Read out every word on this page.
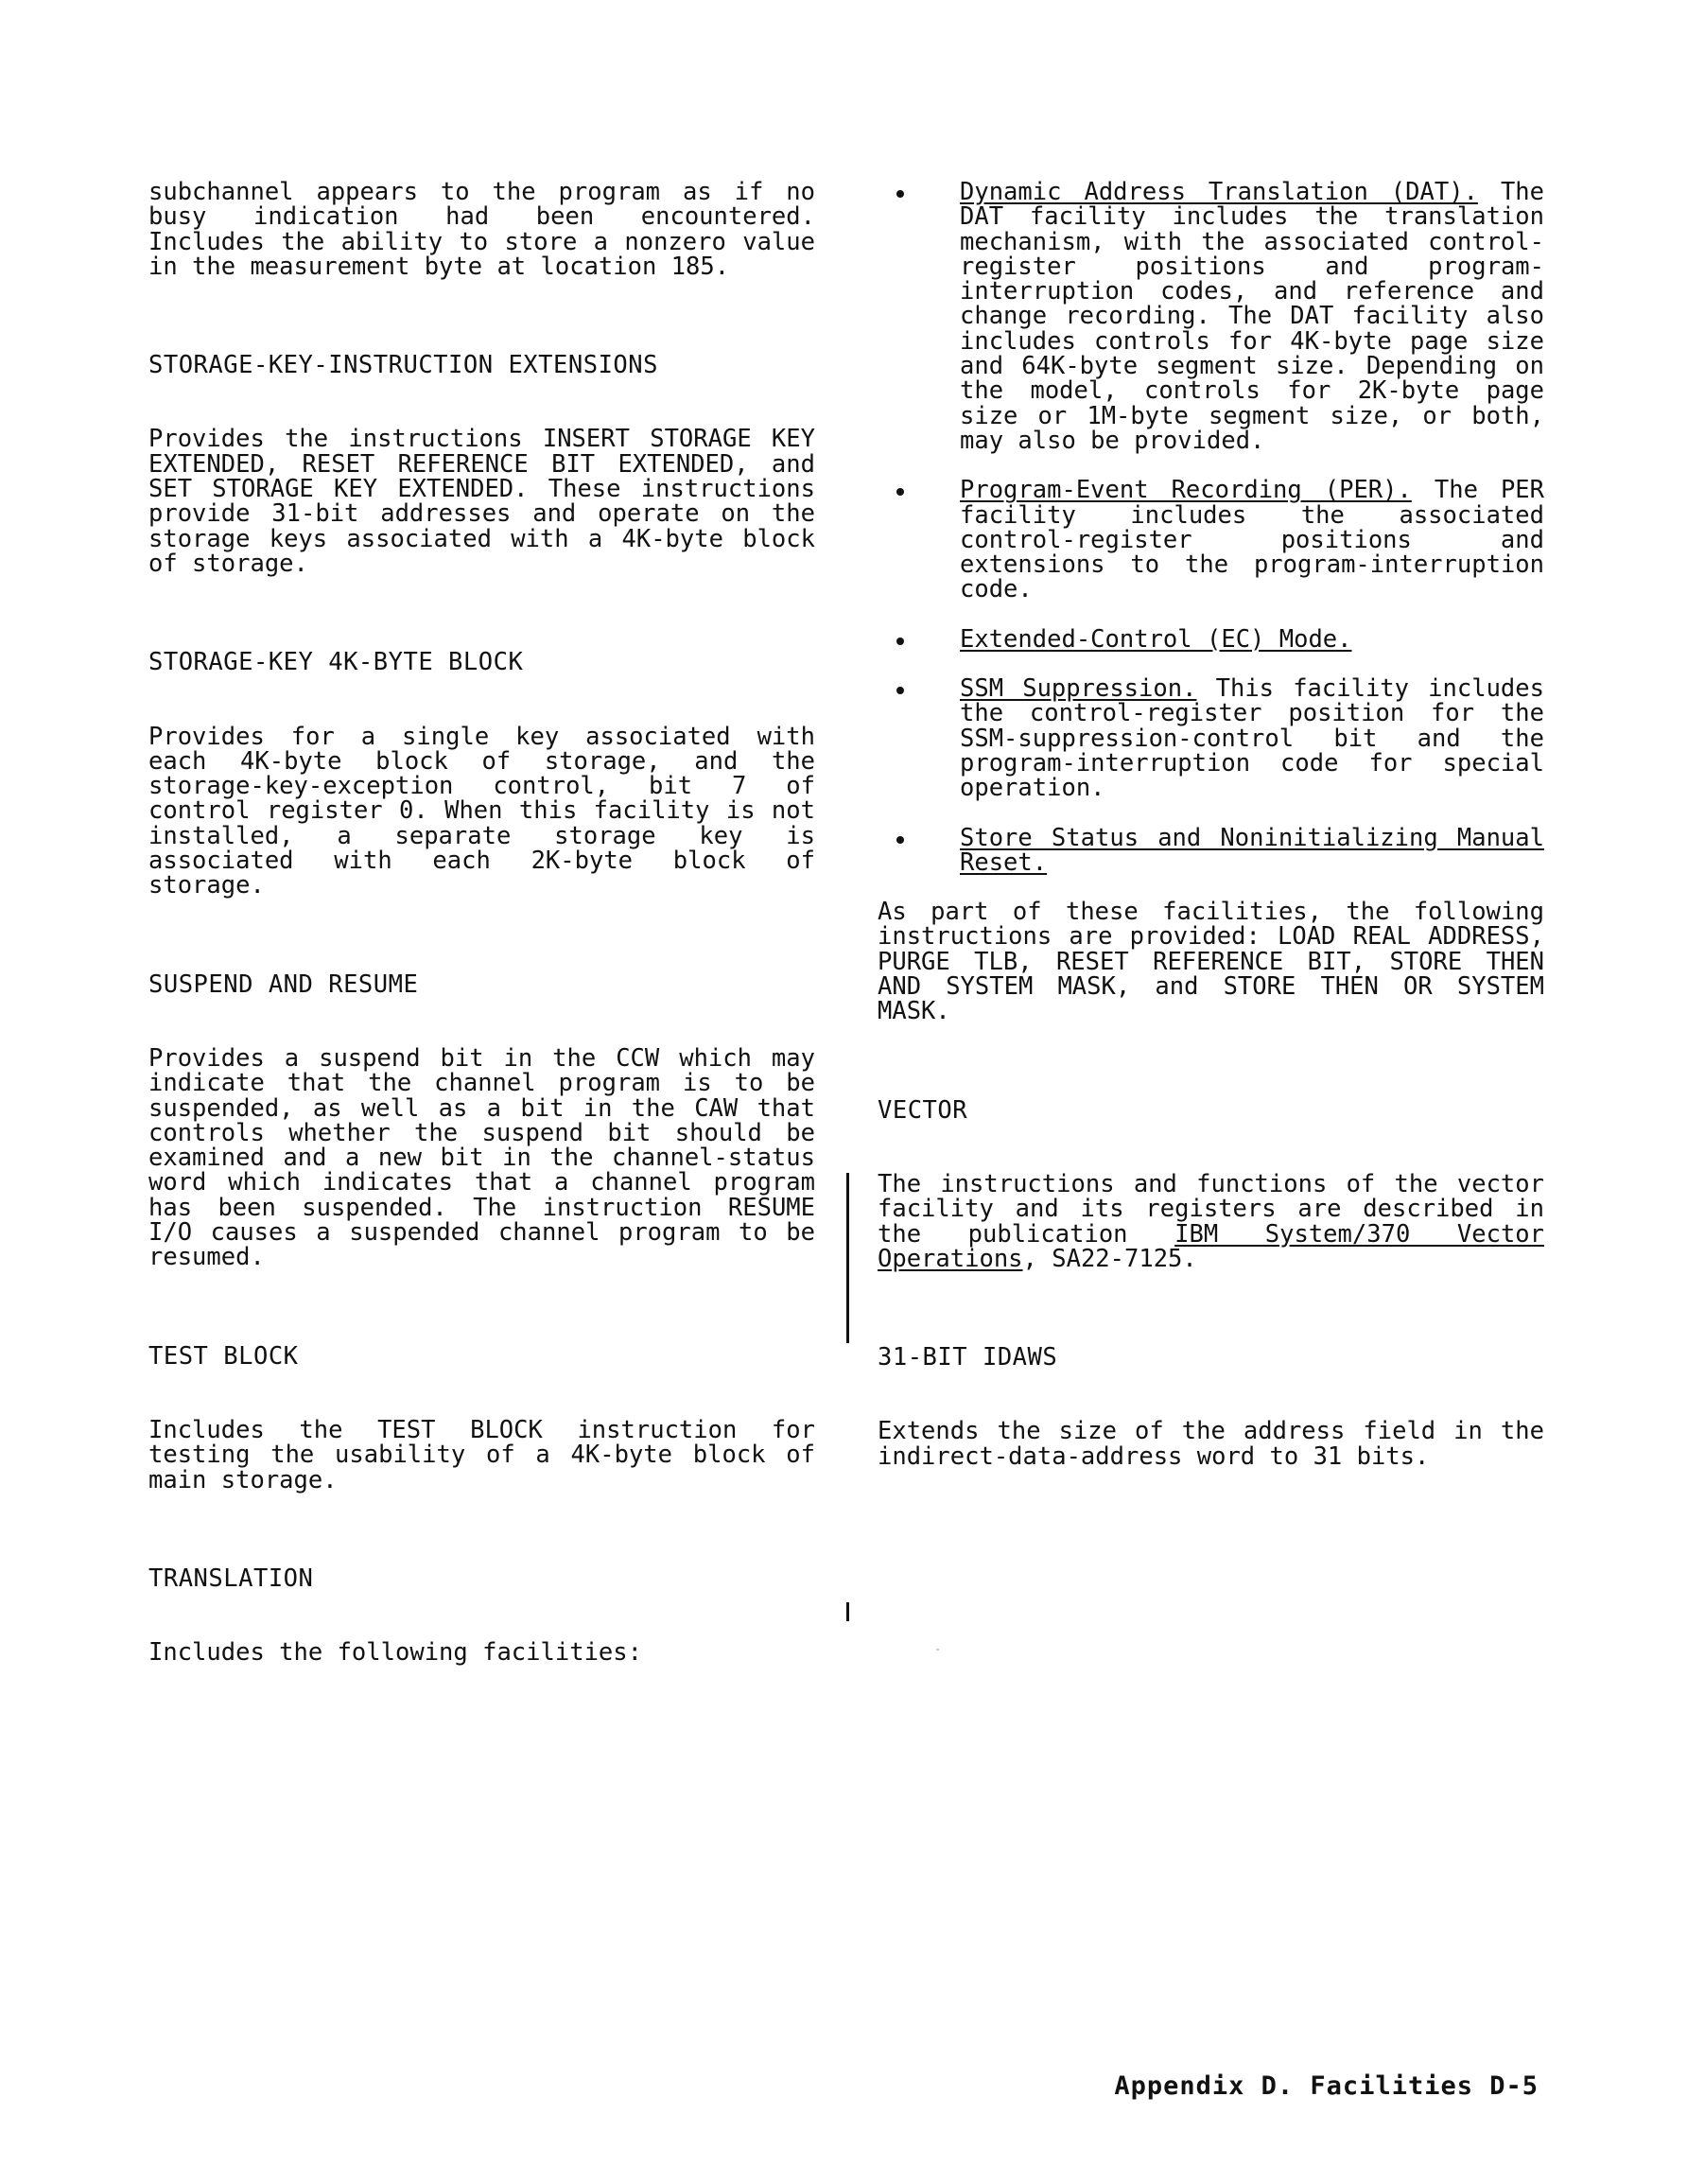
subchannel appears to the program as if no busy indication had been encountered. Includes the ability to store a nonzero value in the measurement byte at location 185.

STORAGE-KEY-INSTRUCTION EXTENSIONS

Provides the instructions INSERT STORAGE KEY EXTENDED, RESET REFERENCE BIT EXTENDED, and SET STORAGE KEY EXTENDED. These instructions provide 31-bit addresses and operate on the storage keys associated with a 4K-byte block of storage.

STORAGE-KEY 4K-BYTE BLOCK

Provides for a single key associated with each 4K-byte block of storage, and the storage-key-exception control, bit 7 of control register 0. When this facility is not installed, a separate storage key is associated with each 2K-byte block of storage.

SUSPEND AND RESUME

Provides a suspend bit in the CCW which may indicate that the channel program is to be suspended, as well as a bit in the CAW that controls whether the suspend bit should be examined and a new bit in the channel-status word which indicates that a channel program has been suspended. The instruction RESUME I/O causes a suspended channel program to be resumed.

TEST BLOCK

Includes the TEST BLOCK instruction for testing the usability of a 4K-byte block of main storage.

TRANSLATION

Includes the following facilities:

Dynamic Address Translation (DAT). The DAT facility includes the translation mechanism, with the associated control-register positions and program-interruption codes, and reference and change recording. The DAT facility also includes controls for 4K-byte page size and 64K-byte segment size. Depending on the model, controls for 2K-byte page size or 1M-byte segment size, or both, may also be provided.

Program-Event Recording (PER). The PER facility includes the associated control-register positions and extensions to the program-interruption code.

Extended-Control (EC) Mode.

SSM Suppression. This facility includes the control-register position for the SSM-suppression-control bit and the program-interruption code for special operation.

Store Status and Noninitializing Manual Reset.

As part of these facilities, the following instructions are provided: LOAD REAL ADDRESS, PURGE TLB, RESET REFERENCE BIT, STORE THEN AND SYSTEM MASK, and STORE THEN OR SYSTEM MASK.

VECTOR

The instructions and functions of the vector facility and its registers are described in the publication IBM System/370 Vector Operations, SA22-7125.

31-BIT IDAWS

Extends the size of the address field in the indirect-data-address word to 31 bits.

Appendix D. Facilities D-5
